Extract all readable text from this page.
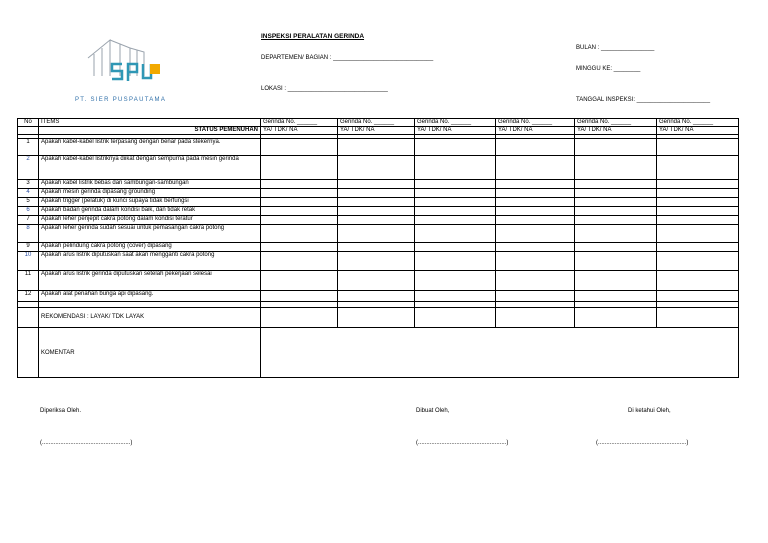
PT. SIER PUSPAUTAMA
INSPEKSI PERALATAN GERINDA
DEPARTEMEN/ BAGIAN : ______________________________
LOKASI : ______________________________
BULAN : ________________
MINGGU KE: ________
TANGGAL INSPEKSI: ______________________
No	ITEMS	Gerinda No. ______	Gerinda No. ______	Gerinda No. ______	Gerinda No. ______	Gerinda No. ______	Gerinda No. ______
	STATUS PEMENUHAN	YA/ TDK/ NA	YA/ TDK/ NA	YA/ TDK/ NA	YA/ TDK/ NA	YA/ TDK/ NA	YA/ TDK/ NA

1	Apakah kabel-kabel listrik terpasang dengan benar pada stekernya.						
2	Apakah kabel-kabel listriknya diikat dengan sempurna pada mesin gerinda						
3	Apakah kabel listrik bebas dari sambungan-sambungan						
4	Apakah mesin gerinda dipasang grounding						
5	Apakah trigger (pelatuk) di kunci supaya tidak berfungsi						
6	Apakah badan gerinda dalam kondisi baik, dan tidak retak						
7	Apakah leher penjepit cakra potong dalam kondisi teratur						
8	Apakah leher gerinda sudah sesuai untuk pemasangan cakra potong						
9	Apakah pelindung cakra potong (cover) dipasang						
10	Apakah arus listrik diputuskan saat akan mengganti cakra potong						
11	Apakah arus listrik gerinda diputuskan setelah pekerjaan selesai						
12	Apakah alat penahan bunga api dipasang.						

	REKOMENDASI : LAYAK/ TDK LAYAK						
	KOMENTAR						
Diperiksa Oleh.	Dibuat Oleh,	Di ketahui Oleh,
(.....................................................)	(.....................................................)	(.....................................................)
